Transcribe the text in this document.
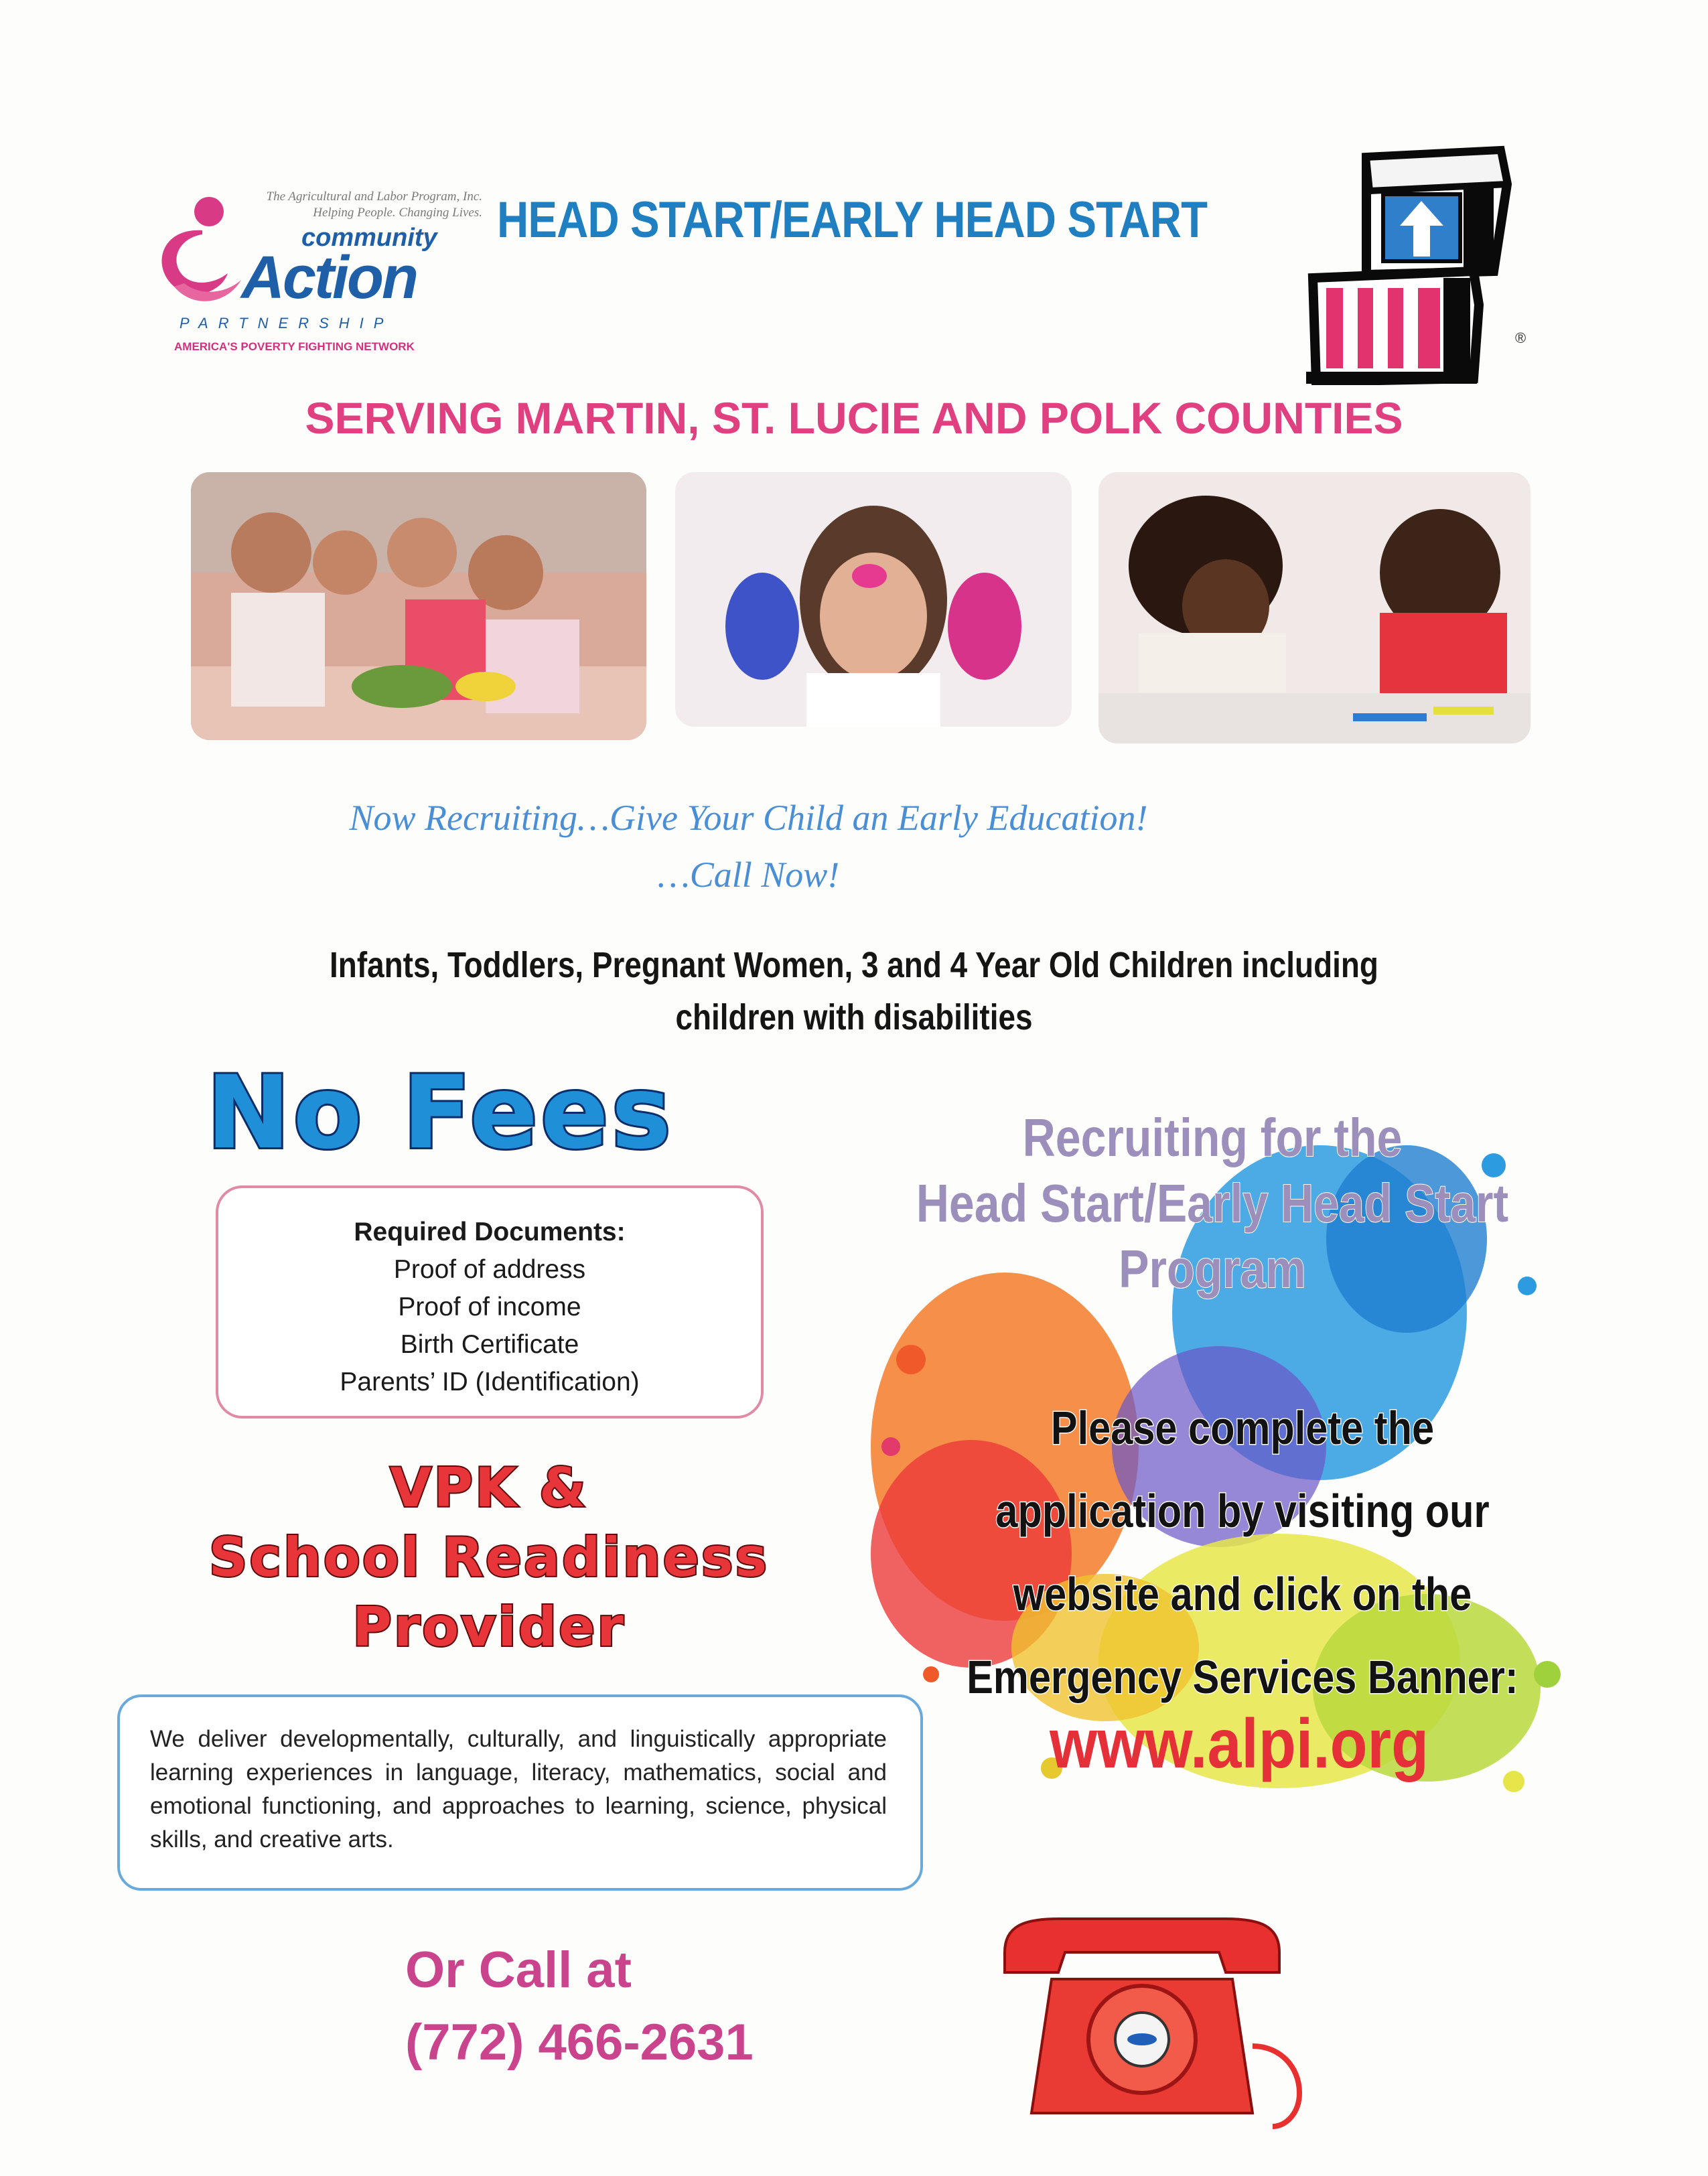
The Agricultural and Labor Program, Inc.
Helping People. Changing Lives.
community
Action
PARTNERSHIP
AMERICA'S POVERTY FIGHTING NETWORK
HEAD START/EARLY HEAD START
®
SERVING MARTIN, ST. LUCIE AND POLK COUNTIES
Now Recruiting…Give Your Child an Early Education!
…Call Now!
Infants, Toddlers, Pregnant Women, 3 and 4 Year Old Children including
children with disabilities
No Fees
Required Documents:
Proof of address
Proof of income
Birth Certificate
Parents’ ID (Identification)
VPK &
School Readiness
Provider
We deliver developmentally, culturally, and linguistically appropriate learning experiences in language, literacy, mathematics, social and emotional functioning, and approaches to learning, science, physical skills, and creative arts.
Recruiting for the
Head Start/Early Head Start
Program
Please complete the
application by visiting our
website and click on the
Emergency Services Banner:
www.alpi.org
Or Call at
(772) 466-2631
